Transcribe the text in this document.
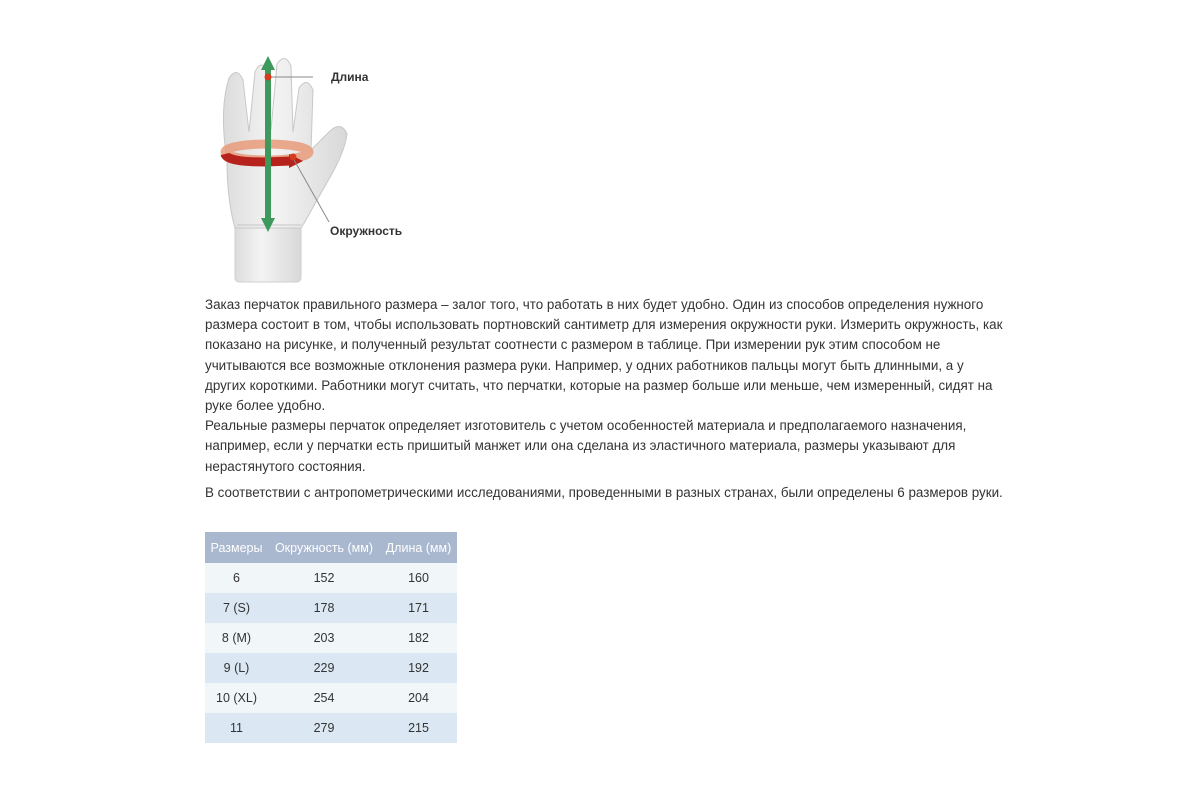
Длина
Окружность

Заказ перчаток правильного размера – залог того, что работать в них будет удобно. Один из способов определения нужного размера состоит в том, чтобы использовать портновский сантиметр для измерения окружности руки. Измерить окружность, как показано на рисунке, и полученный результат соотнести с размером в таблице. При измерении рук этим способом не учитываются все возможные отклонения размера руки. Например, у одних работников пальцы могут быть длинными, а у других короткими. Работники могут считать, что перчатки, которые на размер больше или меньше, чем измеренный, сидят на руке более удобно.

Реальные размеры перчаток определяет изготовитель с учетом особенностей материала и предполагаемого назначения, например, если у перчатки есть пришитый манжет или она сделана из эластичного материала, размеры указывают для нерастянутого состояния.

В соответствии с антропометрическими исследованиями, проведенными в разных странах, были определены 6 размеров руки.

Размеры	Окружность (мм)	Длина (мм)
6	152	160
7 (S)	178	171
8 (M)	203	182
9 (L)	229	192
10 (XL)	254	204
11	279	215
